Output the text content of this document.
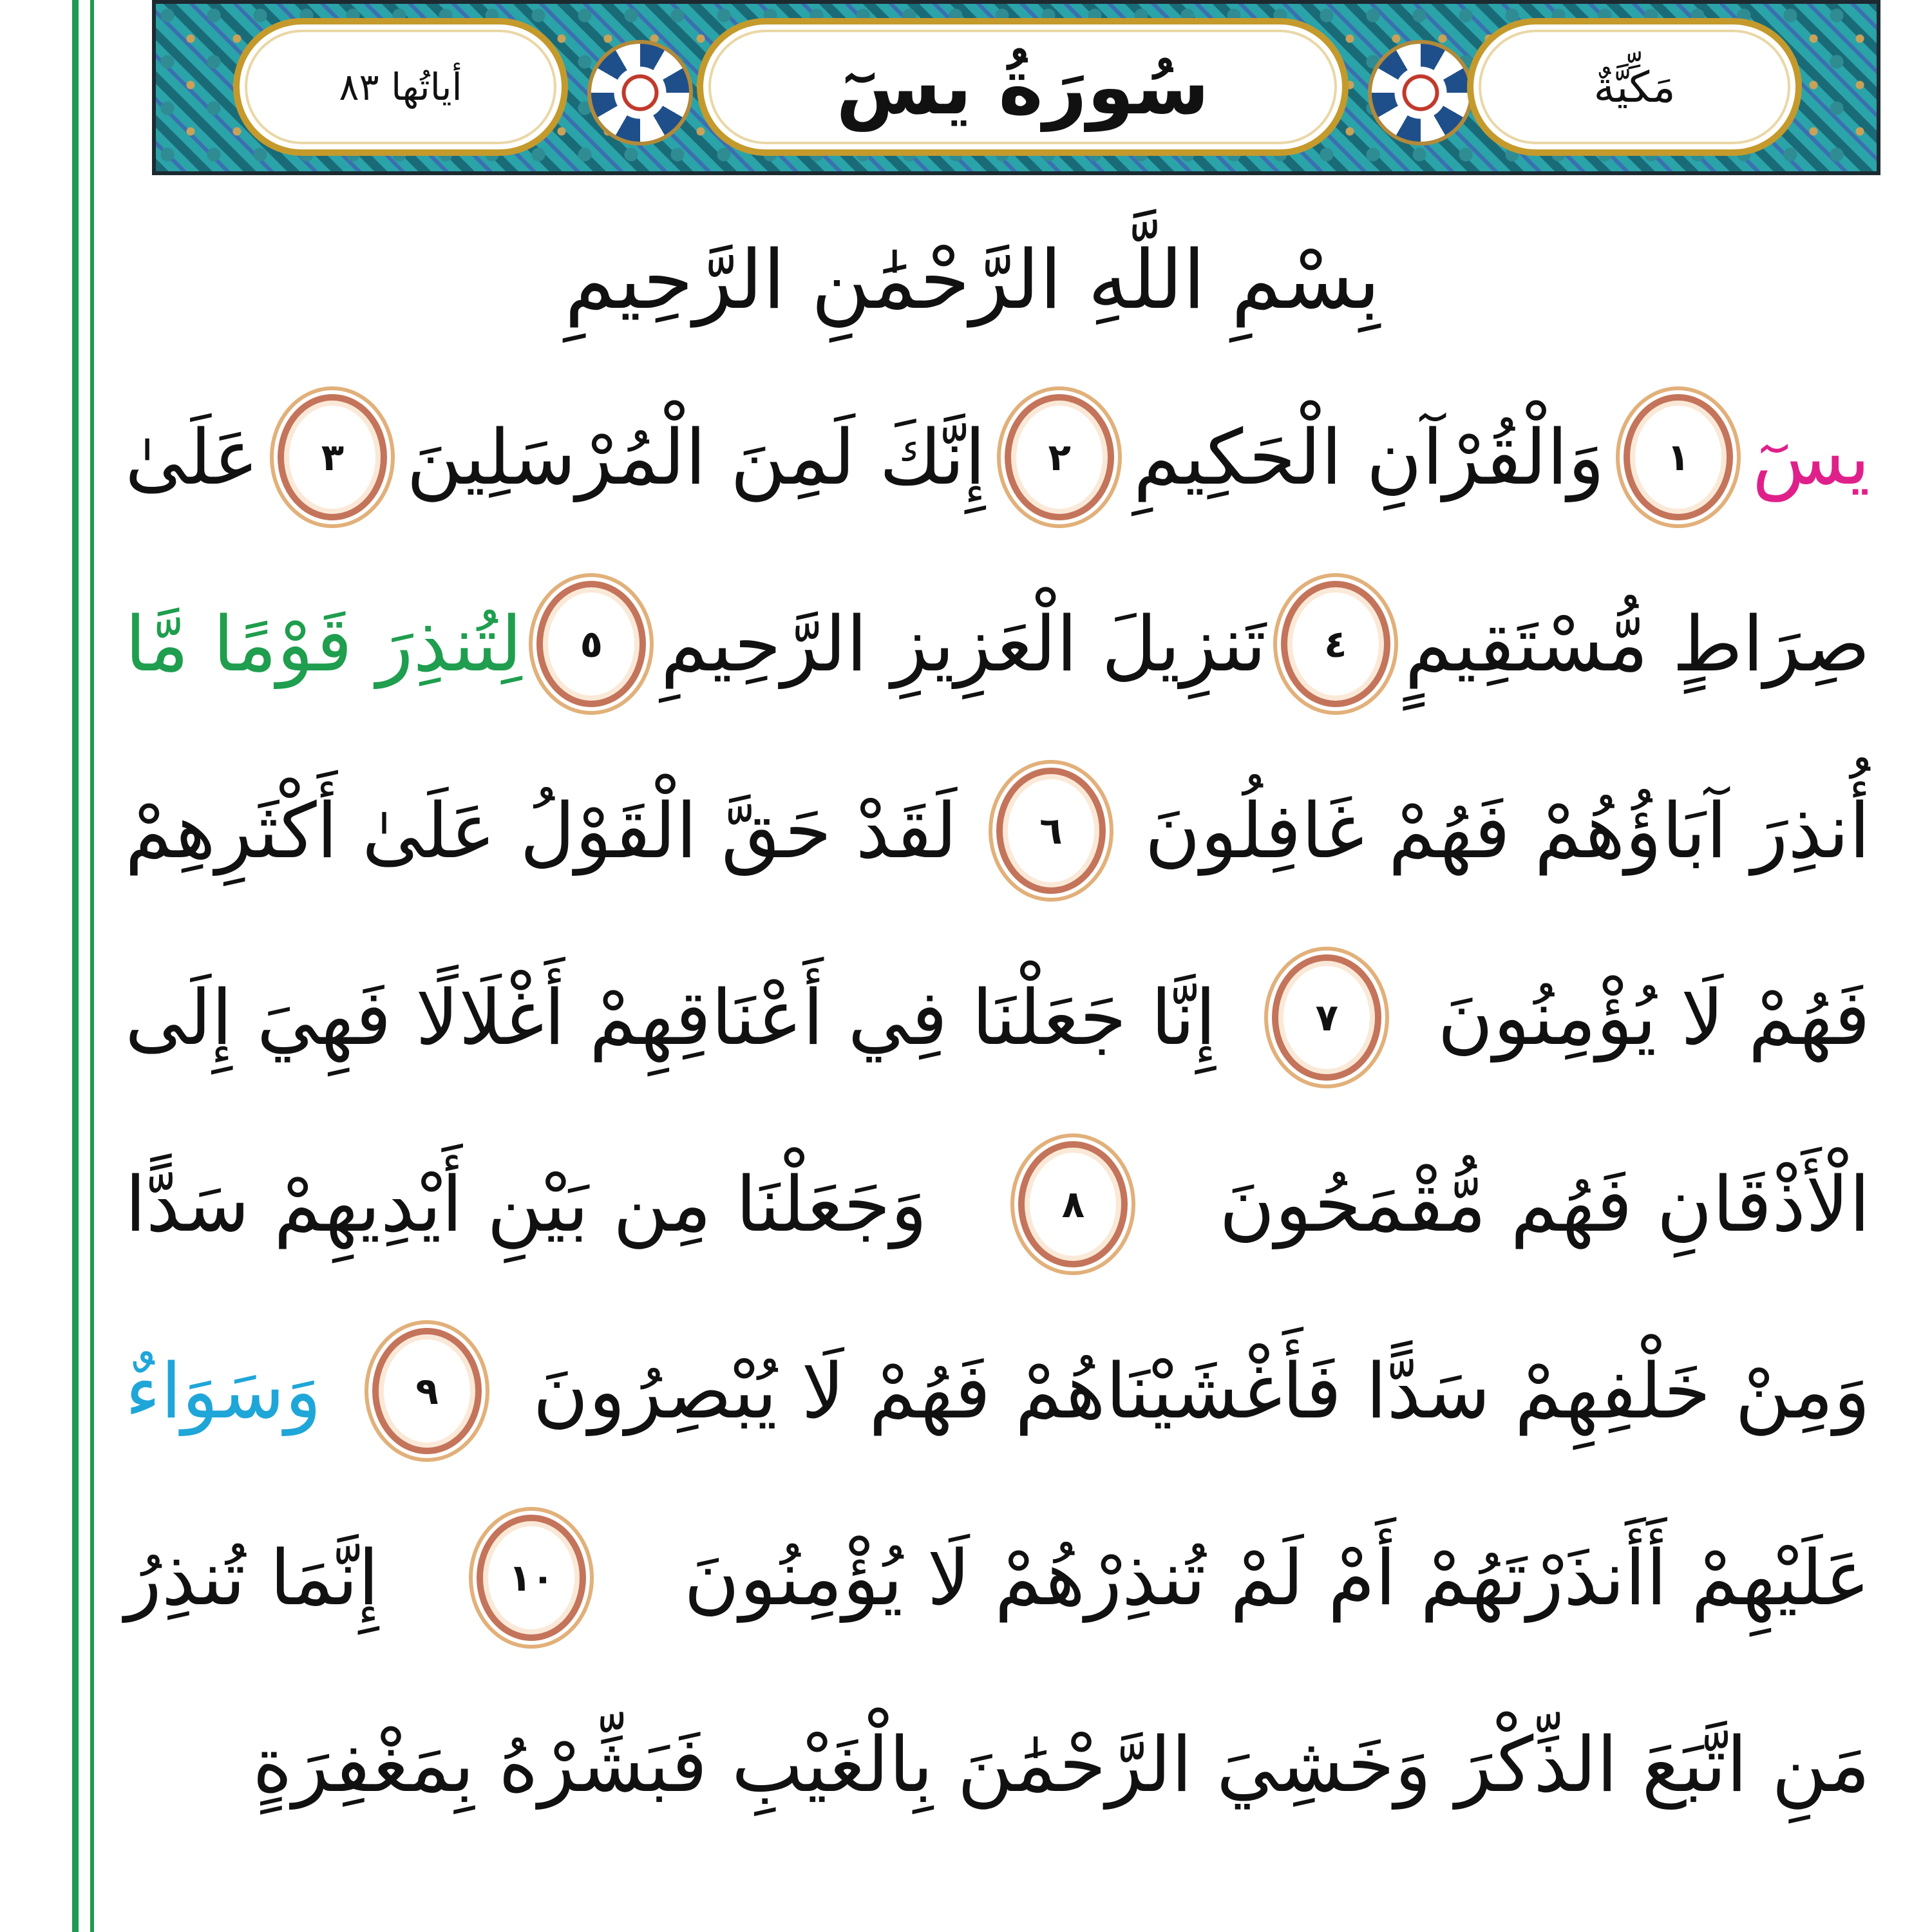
أياتُها ٨٣	سُورَةُ يسٓ	مَكِّيَّةٌ
بِسْمِ اللَّهِ الرَّحْمَٰنِ الرَّحِيمِ
يسٓ
١
وَالْقُرْآنِ الْحَكِيمِ
٢
إِنَّكَ لَمِنَ الْمُرْسَلِينَ
٣
عَلَىٰ
صِرَاطٍ مُّسْتَقِيمٍ
٤
تَنزِيلَ الْعَزِيزِ الرَّحِيمِ
٥
لِتُنذِرَ قَوْمًا مَّا
أُنذِرَ آبَاؤُهُمْ فَهُمْ غَافِلُونَ
٦
لَقَدْ حَقَّ الْقَوْلُ عَلَىٰ أَكْثَرِهِمْ
فَهُمْ لَا يُؤْمِنُونَ
٧
إِنَّا جَعَلْنَا فِي أَعْنَاقِهِمْ أَغْلَالًا فَهِيَ إِلَى
الْأَذْقَانِ فَهُم مُّقْمَحُونَ
٨
وَجَعَلْنَا مِن بَيْنِ أَيْدِيهِمْ سَدًّا
وَمِنْ خَلْفِهِمْ سَدًّا فَأَغْشَيْنَاهُمْ فَهُمْ لَا يُبْصِرُونَ
٩
وَسَوَاءٌ
عَلَيْهِمْ أَأَنذَرْتَهُمْ أَمْ لَمْ تُنذِرْهُمْ لَا يُؤْمِنُونَ
١٠
إِنَّمَا تُنذِرُ
مَنِ اتَّبَعَ الذِّكْرَ وَخَشِيَ الرَّحْمَٰنَ بِالْغَيْبِ فَبَشِّرْهُ بِمَغْفِرَةٍ
